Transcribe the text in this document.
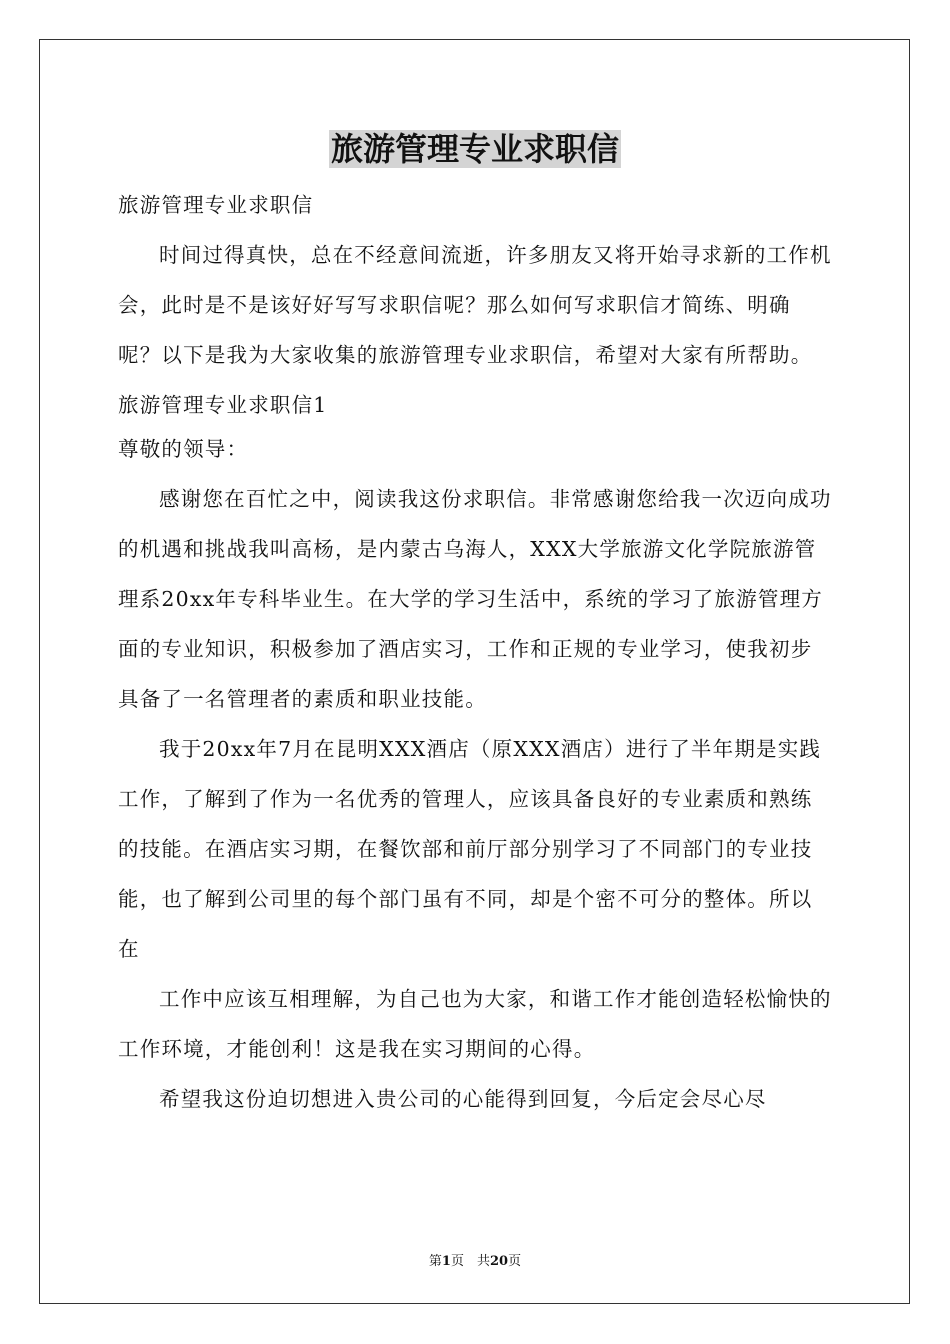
旅游管理专业求职信

旅游管理专业求职信

时间过得真快，总在不经意间流逝，许多朋友又将开始寻求新的工作机会，此时是不是该好好写写求职信呢？那么如何写求职信才简练、明确呢？以下是我为大家收集的旅游管理专业求职信，希望对大家有所帮助。

旅游管理专业求职信1

尊敬的领导：

感谢您在百忙之中，阅读我这份求职信。非常感谢您给我一次迈向成功的机遇和挑战我叫高杨，是内蒙古乌海人，XXX大学旅游文化学院旅游管理系20xx年专科毕业生。在大学的学习生活中，系统的学习了旅游管理方面的专业知识，积极参加了酒店实习，工作和正规的专业学习，使我初步具备了一名管理者的素质和职业技能。

我于20xx年7月在昆明XXX酒店（原XXX酒店）进行了半年期是实践工作，了解到了作为一名优秀的管理人，应该具备良好的专业素质和熟练的技能。在酒店实习期，在餐饮部和前厅部分别学习了不同部门的专业技能，也了解到公司里的每个部门虽有不同，却是个密不可分的整体。所以在

工作中应该互相理解，为自己也为大家，和谐工作才能创造轻松愉快的工作环境，才能创利！这是我在实习期间的心得。

希望我这份迫切想进入贵公司的心能得到回复，今后定会尽心尽

第1页　共20页
